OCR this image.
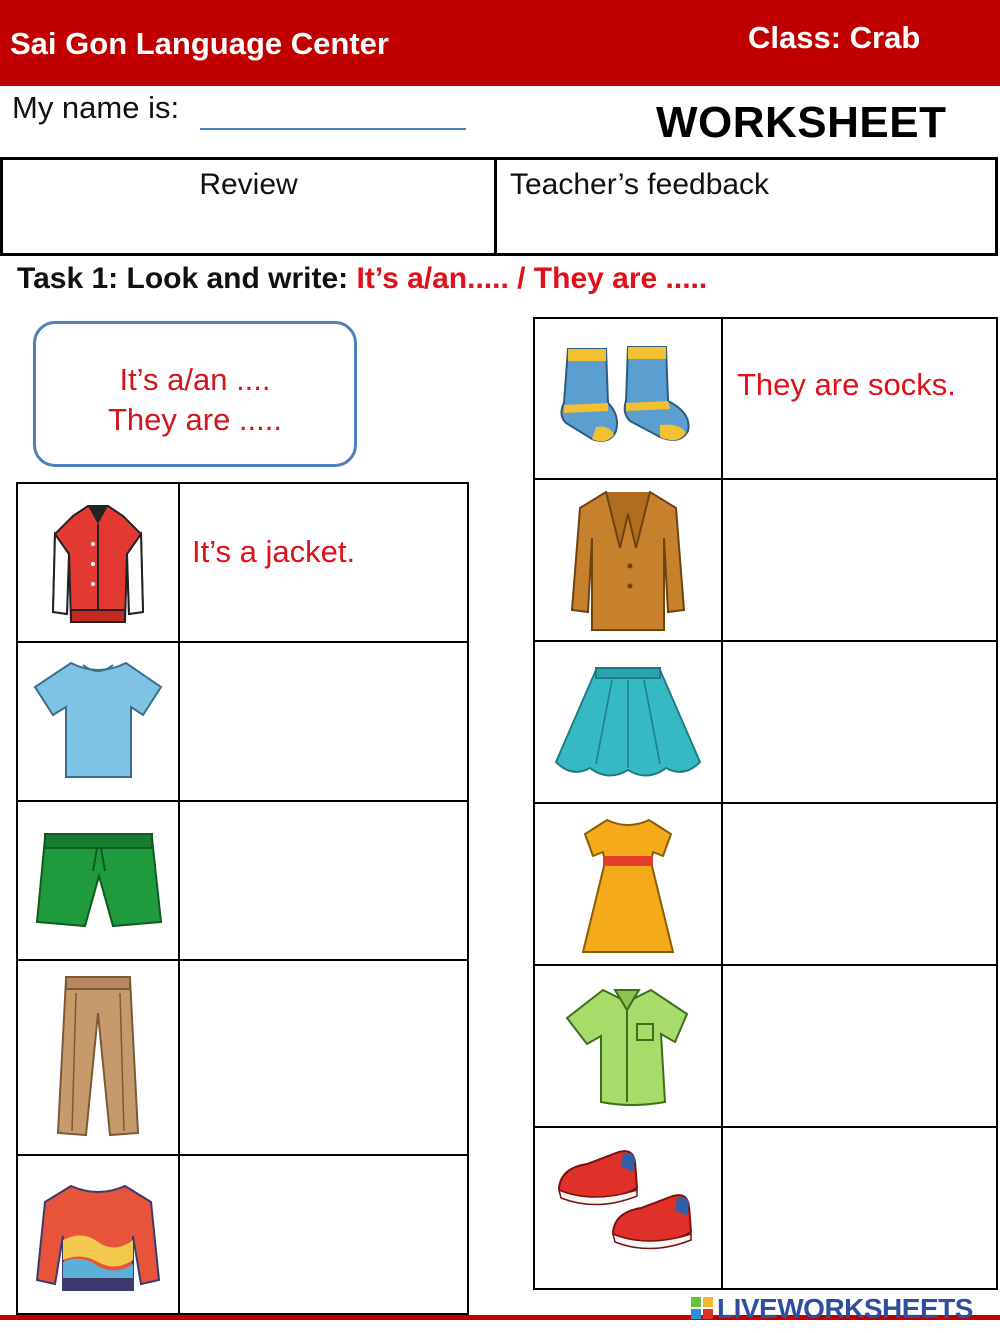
Sai Gon Language Center	Class: Crab
My name is:	WORKSHEET
Review	Teacher’s feedback
Task 1: Look and write: It’s a/an..... / They are .....
It’s a/an ....
They are .....

It’s a jacket.

They are socks.

LIVEWORKSHEETS
